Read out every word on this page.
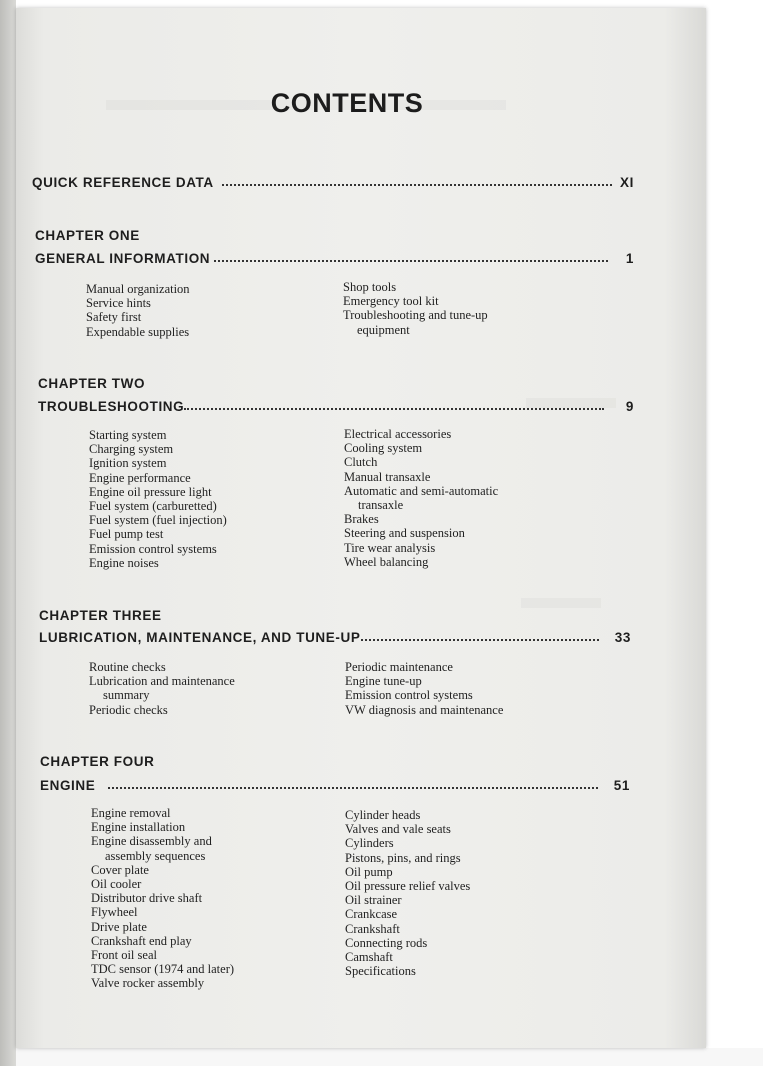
CONTENTS
QUICK REFERENCE DATA	XI
CHAPTER ONE
GENERAL INFORMATION	1
Manual organization
Service hints
Safety first
Expendable supplies
Shop tools
Emergency tool kit
Troubleshooting and tune-up
equipment
CHAPTER TWO
TROUBLESHOOTING	9
Starting system
Charging system
Ignition system
Engine performance
Engine oil pressure light
Fuel system (carburetted)
Fuel system (fuel injection)
Fuel pump test
Emission control systems
Engine noises
Electrical accessories
Cooling system
Clutch
Manual transaxle
Automatic and semi-automatic
transaxle
Brakes
Steering and suspension
Tire wear analysis
Wheel balancing
CHAPTER THREE
LUBRICATION, MAINTENANCE, AND TUNE-UP	33
Routine checks
Lubrication and maintenance
summary
Periodic checks
Periodic maintenance
Engine tune-up
Emission control systems
VW diagnosis and maintenance
CHAPTER FOUR
ENGINE	51
Engine removal
Engine installation
Engine disassembly and
assembly sequences
Cover plate
Oil cooler
Distributor drive shaft
Flywheel
Drive plate
Crankshaft end play
Front oil seal
TDC sensor (1974 and later)
Valve rocker assembly
Cylinder heads
Valves and vale seats
Cylinders
Pistons, pins, and rings
Oil pump
Oil pressure relief valves
Oil strainer
Crankcase
Crankshaft
Connecting rods
Camshaft
Specifications
